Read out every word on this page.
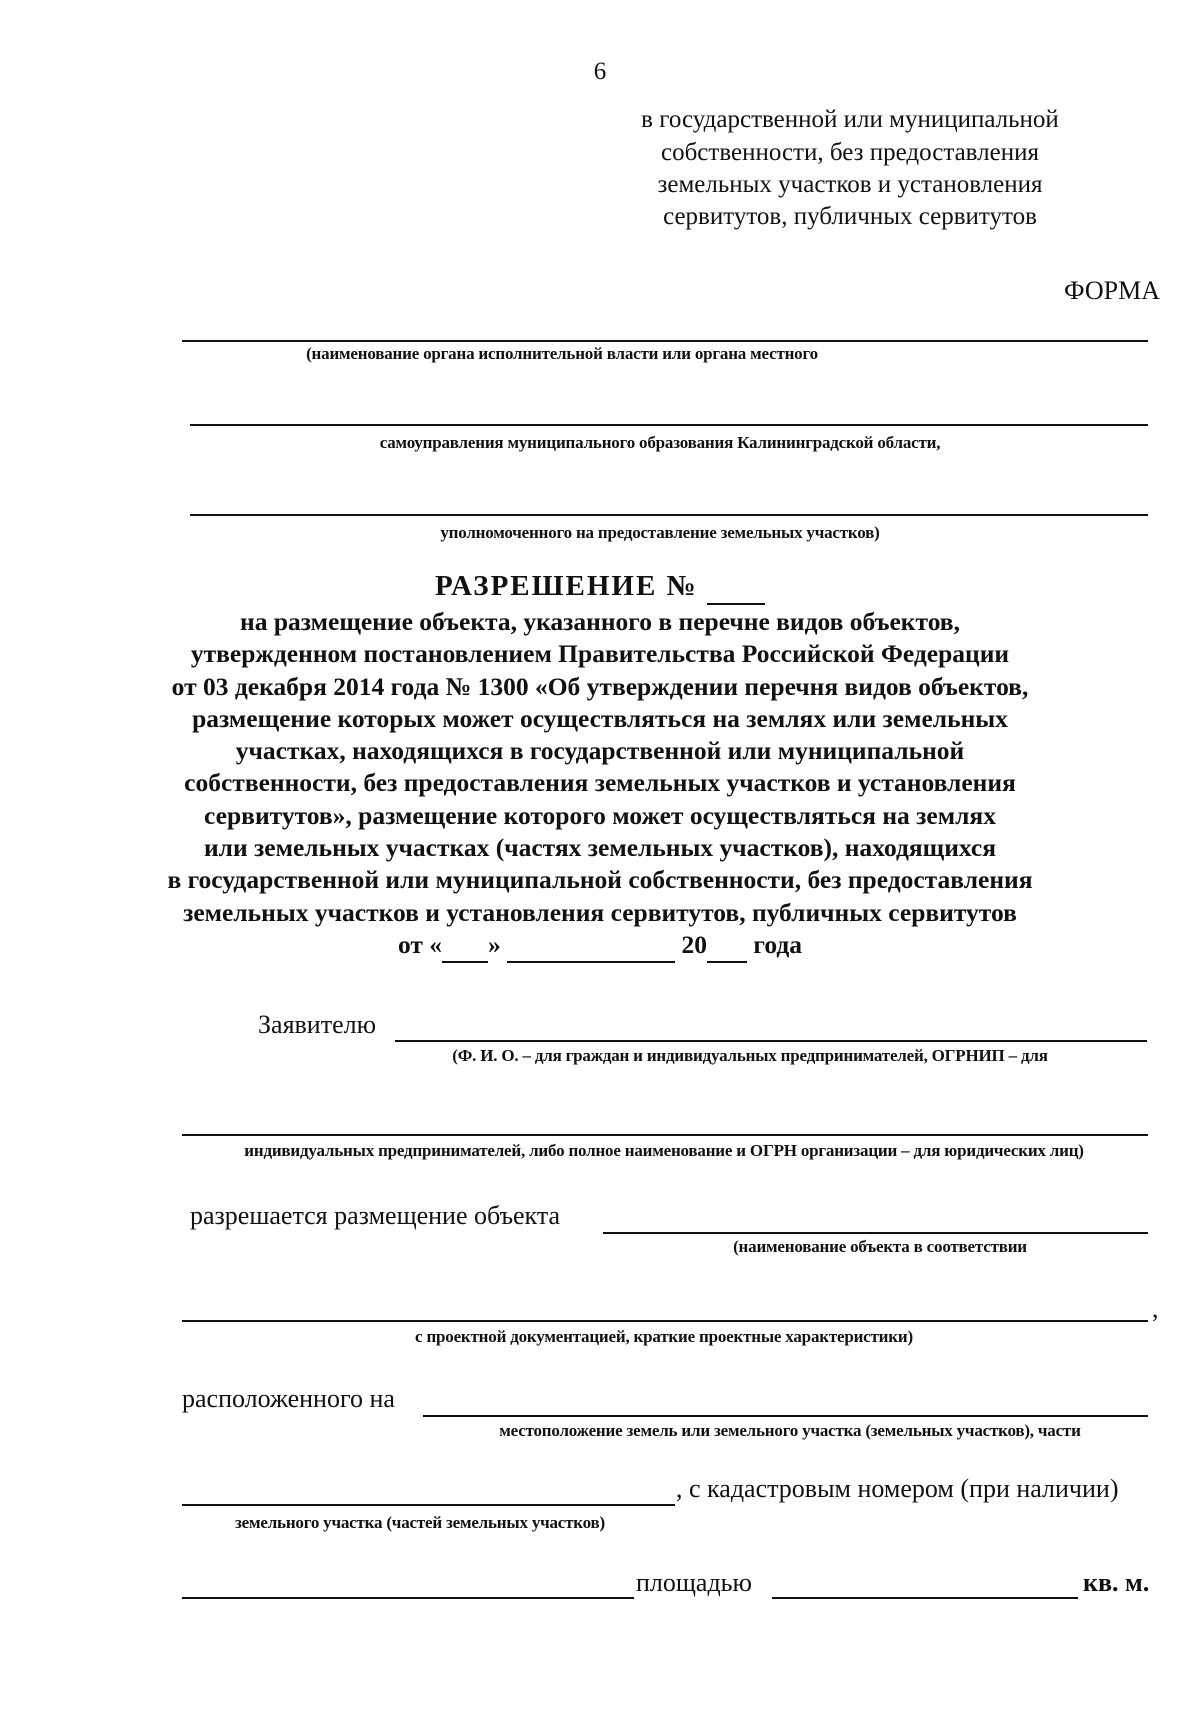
6
в государственной или муниципальной
собственности, без предоставления
земельных участков и установления
сервитутов, публичных сервитутов
ФОРМА
(наименование органа исполнительной власти или органа местного
самоуправления муниципального образования Калининградской области,
уполномоченного на предоставление земельных участков)
РАЗРЕШЕНИЕ №
на размещение объекта, указанного в перечне видов объектов,
утвержденном постановлением Правительства Российской Федерации
от 03 декабря 2014 года № 1300 «Об утверждении перечня видов объектов,
размещение которых может осуществляться на землях или земельных
участках, находящихся в государственной или муниципальной
собственности, без предоставления земельных участков и установления
сервитутов», размещение которого может осуществляться на землях
или земельных участках (частях земельных участков), находящихся
в государственной или муниципальной собственности, без предоставления
земельных участков и установления сервитутов, публичных сервитутов
от « »	20 года
Заявителю
(Ф. И. О. – для граждан и индивидуальных предпринимателей, ОГРНИП – для
индивидуальных предпринимателей, либо полное наименование и ОГРН организации – для юридических лиц)
разрешается размещение объекта
(наименование объекта в соответствии
,
с проектной документацией, краткие проектные характеристики)
расположенного на
местоположение земель или земельного участка (земельных участков), части
, с кадастровым номером (при наличии)
земельного участка (частей земельных участков)
площадью	кв. м.
